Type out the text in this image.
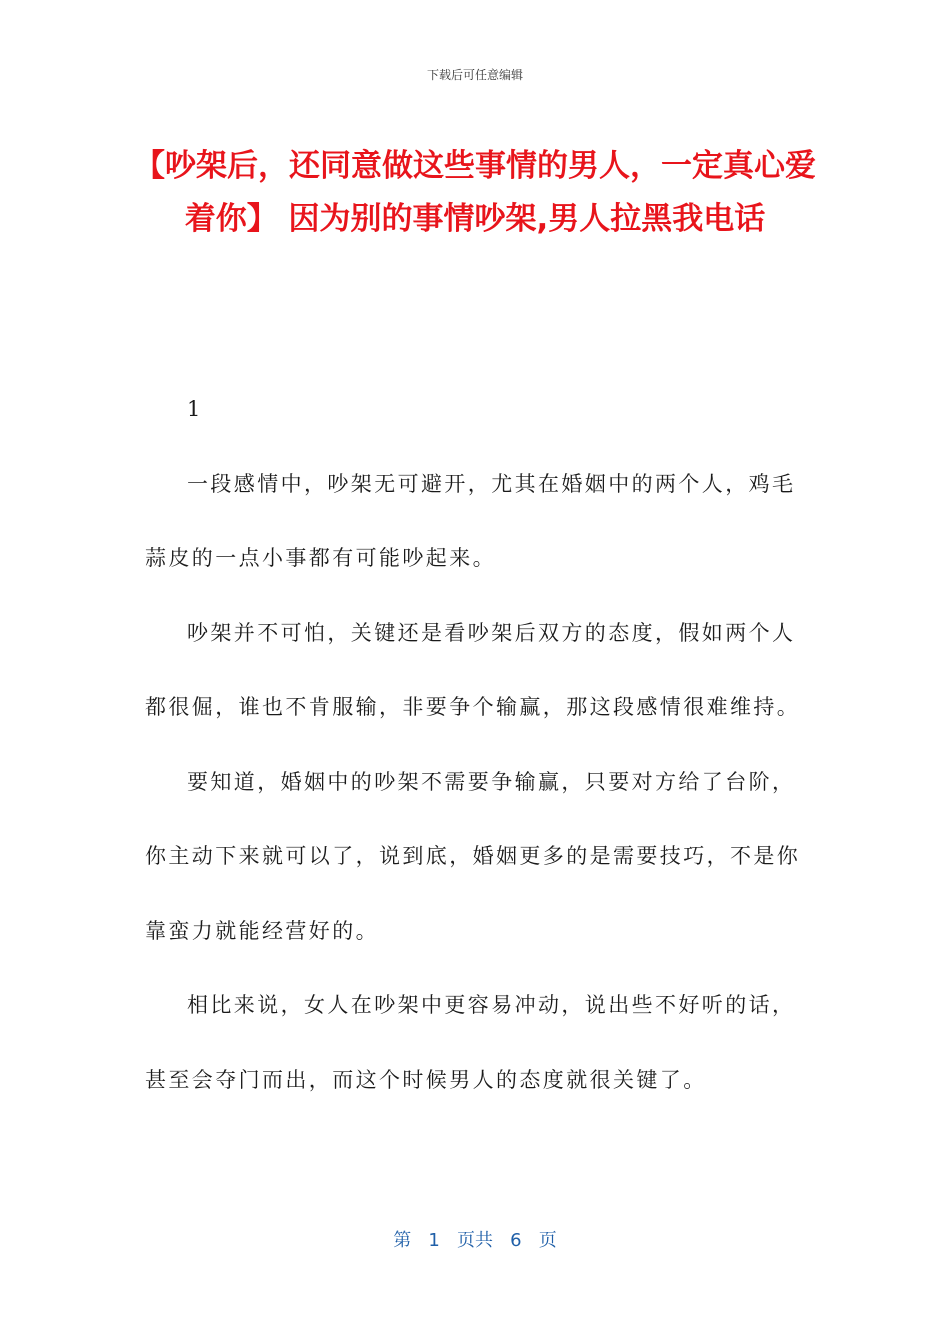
下载后可任意编辑
【吵架后，还同意做这些事情的男人，一定真心爱着你】 因为别的事情吵架,男人拉黑我电话

1

一段感情中，吵架无可避开，尤其在婚姻中的两个人，鸡毛蒜皮的一点小事都有可能吵起来。

吵架并不可怕，关键还是看吵架后双方的态度，假如两个人都很倔，谁也不肯服输，非要争个输赢，那这段感情很难维持。

要知道，婚姻中的吵架不需要争输赢，只要对方给了台阶，你主动下来就可以了，说到底，婚姻更多的是需要技巧，不是你靠蛮力就能经营好的。

相比来说，女人在吵架中更容易冲动，说出些不好听的话，甚至会夺门而出，而这个时候男人的态度就很关键了。

第 1 页共 6 页
